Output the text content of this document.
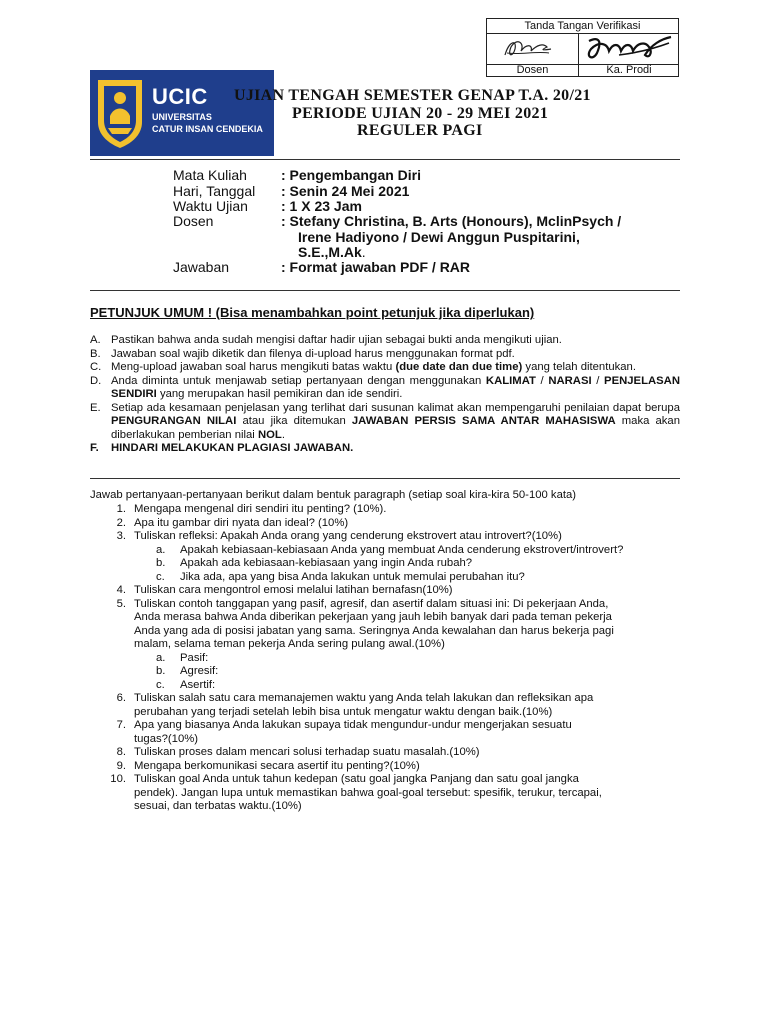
Tanda Tangan Verifikasi
Dosen	Ka. Prodi
UCIC
UNIVERSITAS
CATUR INSAN CENDEKIA
UJIAN TENGAH SEMESTER GENAP T.A. 20/21
PERIODE UJIAN 20 - 29 MEI 2021
REGULER PAGI
Mata Kuliah : Pengembangan Diri
Hari, Tanggal : Senin 24 Mei 2021
Waktu Ujian : 1 X 23 Jam
Dosen	: Stefany Christina, B. Arts (Honours), MclinPsych /
Irene Hadiyono / Dewi Anggun Puspitarini,
S.E.,M.Ak.
Jawaban	: Format jawaban PDF / RAR
PETUNJUK UMUM ! (Bisa menambahkan point petunjuk jika diperlukan)
A. Pastikan bahwa anda sudah mengisi daftar hadir ujian sebagai bukti anda mengikuti ujian.
B. Jawaban soal wajib diketik dan filenya di-upload harus menggunakan format pdf.
C. Meng-upload jawaban soal harus mengikuti batas waktu (due date dan due time) yang telah ditentukan.
D. Anda diminta untuk menjawab setiap pertanyaan dengan menggunakan KALIMAT / NARASI / PENJELASAN SENDIRI yang merupakan hasil pemikiran dan ide sendiri.
E. Setiap ada kesamaan penjelasan yang terlihat dari susunan kalimat akan mempengaruhi penilaian dapat berupa PENGURANGAN NILAI atau jika ditemukan JAWABAN PERSIS SAMA ANTAR MAHASISWA maka akan diberlakukan pemberian nilai NOL.
F. HINDARI MELAKUKAN PLAGIASI JAWABAN.
Jawab pertanyaan-pertanyaan berikut dalam bentuk paragraph (setiap soal kira-kira 50-100 kata)
1. Mengapa mengenal diri sendiri itu penting? (10%).
2. Apa itu gambar diri nyata dan ideal? (10%)
3. Tuliskan refleksi: Apakah Anda orang yang cenderung ekstrovert atau introvert?(10%)
a. Apakah kebiasaan-kebiasaan Anda yang membuat Anda cenderung ekstrovert/introvert?
b. Apakah ada kebiasaan-kebiasaan yang ingin Anda rubah?
c. Jika ada, apa yang bisa Anda lakukan untuk memulai perubahan itu?
4. Tuliskan cara mengontrol emosi melalui latihan bernafasn(10%)
5. Tuliskan contoh tanggapan yang pasif, agresif, dan asertif dalam situasi ini: Di pekerjaan Anda,
Anda merasa bahwa Anda diberikan pekerjaan yang jauh lebih banyak dari pada teman pekerja
Anda yang ada di posisi jabatan yang sama. Seringnya Anda kewalahan dan harus bekerja pagi
malam, selama teman pekerja Anda sering pulang awal.(10%)
a. Pasif:
b. Agresif:
c. Asertif:
6. Tuliskan salah satu cara memanajemen waktu yang Anda telah lakukan dan refleksikan apa
perubahan yang terjadi setelah lebih bisa untuk mengatur waktu dengan baik.(10%)
7. Apa yang biasanya Anda lakukan supaya tidak mengundur-undur mengerjakan sesuatu
tugas?(10%)
8. Tuliskan proses dalam mencari solusi terhadap suatu masalah.(10%)
9. Mengapa berkomunikasi secara asertif itu penting?(10%)
10. Tuliskan goal Anda untuk tahun kedepan (satu goal jangka Panjang dan satu goal jangka
pendek). Jangan lupa untuk memastikan bahwa goal-goal tersebut: spesifik, terukur, tercapai,
sesuai, dan terbatas waktu.(10%)
